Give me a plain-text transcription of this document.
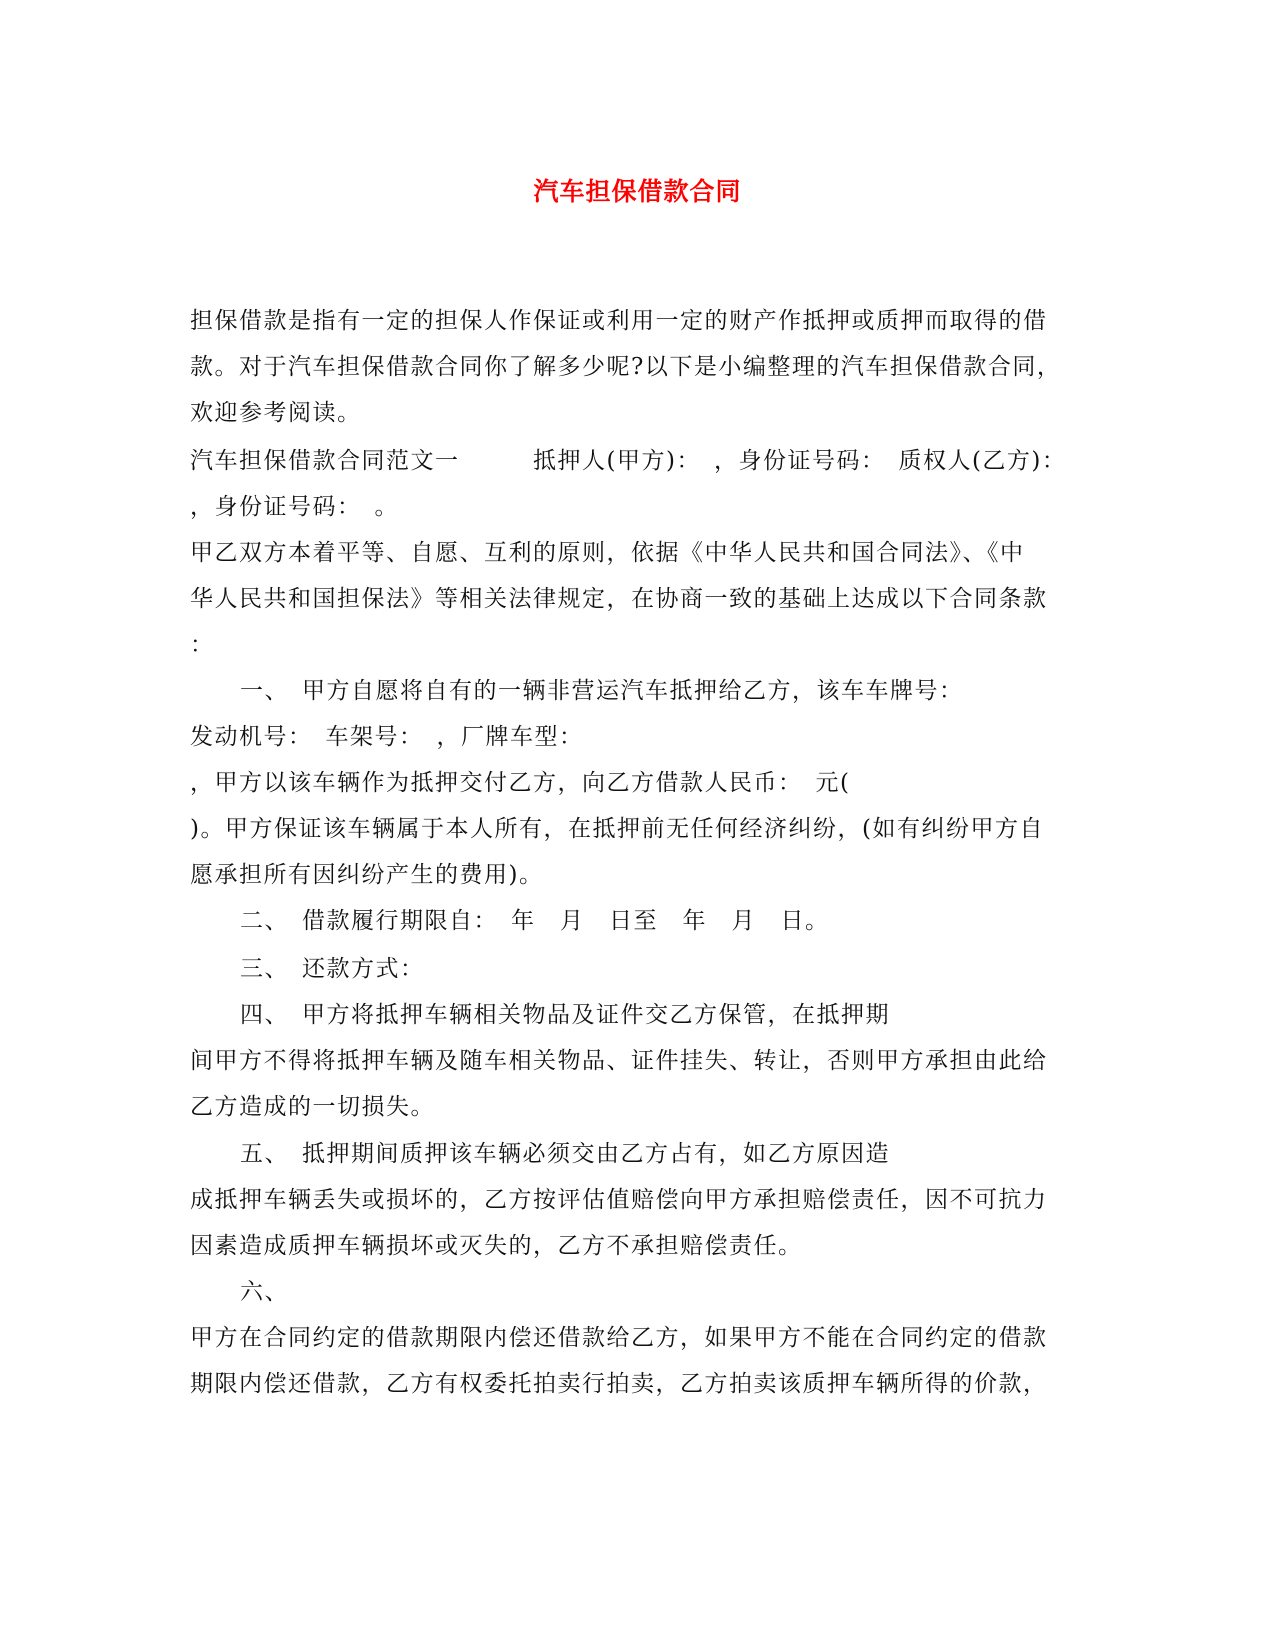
汽车担保借款合同

担保借款是指有一定的担保人作保证或利用一定的财产作抵押或质押而取得的借

款。对于汽车担保借款合同你了解多少呢?以下是小编整理的汽车担保借款合同，

欢迎参考阅读。

汽车担保借款合同范文一　　　抵押人(甲方)：　，身份证号码：　质权人(乙方)：

，身份证号码：　。

甲乙双方本着平等、自愿、互利的原则，依据《中华人民共和国合同法》、《中

华人民共和国担保法》等相关法律规定，在协商一致的基础上达成以下合同条款

：

一、　甲方自愿将自有的一辆非营运汽车抵押给乙方，该车车牌号：

发动机号：　车架号：　，厂牌车型：

，甲方以该车辆作为抵押交付乙方，向乙方借款人民币：　元(

)。甲方保证该车辆属于本人所有，在抵押前无任何经济纠纷，(如有纠纷甲方自

愿承担所有因纠纷产生的费用)。

二、　借款履行期限自：　年　月　日至　年　月　日。

三、　还款方式：

四、　甲方将抵押车辆相关物品及证件交乙方保管，在抵押期

间甲方不得将抵押车辆及随车相关物品、证件挂失、转让，否则甲方承担由此给

乙方造成的一切损失。

五、　抵押期间质押该车辆必须交由乙方占有，如乙方原因造

成抵押车辆丢失或损坏的，乙方按评估值赔偿向甲方承担赔偿责任，因不可抗力

因素造成质押车辆损坏或灭失的，乙方不承担赔偿责任。

六、

甲方在合同约定的借款期限内偿还借款给乙方，如果甲方不能在合同约定的借款

期限内偿还借款，乙方有权委托拍卖行拍卖，乙方拍卖该质押车辆所得的价款，
